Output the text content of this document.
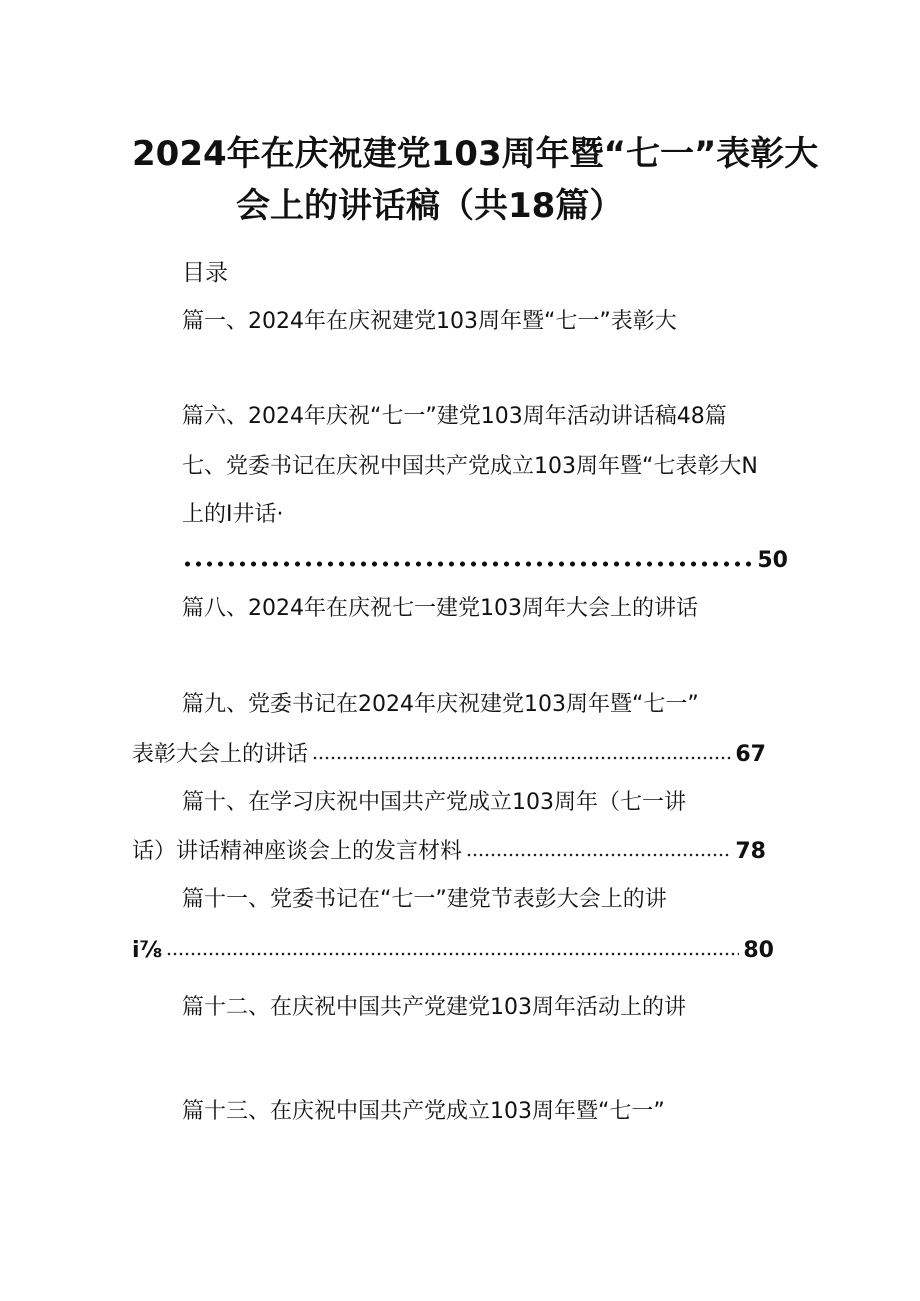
2024年在庆祝建党103周年暨“七一”表彰大
会上的讲话稿（共18篇）
目录
篇一、2024年在庆祝建党103周年暨“七一”表彰大
篇六、2024年庆祝“七一”建党103周年活动讲话稿48篇
七、党委书记在庆祝中国共产党成立103周年暨“七表彰大N
上的I井话·
50
篇八、2024年在庆祝七一建党103周年大会上的讲话
篇九、党委书记在2024年庆祝建党103周年暨“七一”
表彰大会上的讲话	67
篇十、在学习庆祝中国共产党成立103周年（七一讲
话）讲话精神座谈会上的发言材料	78
篇十一、党委书记在“七一”建党节表彭大会上的讲
i⅞	80
篇十二、在庆祝中国共产党建党103周年活动上的讲
篇十三、在庆祝中国共产党成立103周年暨“七一”
